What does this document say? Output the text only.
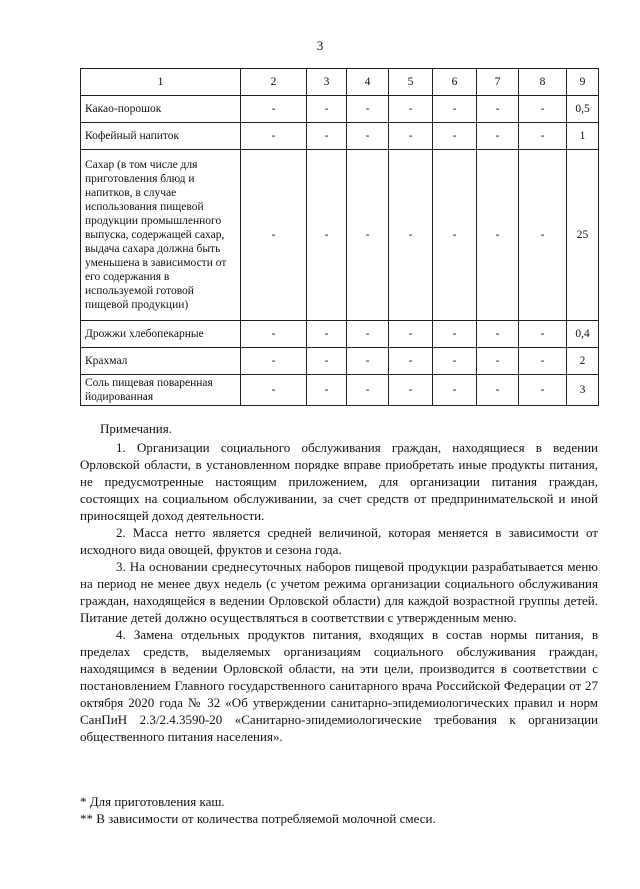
3
1	2	3	4	5	6	7	8	9
Какао-порошок	-	-	-	-	-	-	-	0,5
Кофейный напиток	-	-	-	-	-	-	-	1
Сахар (в том числе для приготовления блюд и напитков, в случае использования пищевой продукции промышленного выпуска, содержащей сахар, выдача сахара должна быть уменьшена в зависимости от его содержания в используемой готовой пищевой продукции)	-	-	-	-	-	-	-	25
Дрожжи хлебопекарные	-	-	-	-	-	-	-	0,4
Крахмал	-	-	-	-	-	-	-	2
Соль пищевая поваренная йодированная	-	-	-	-	-	-	-	3

Примечания.

1. Организации социального обслуживания граждан, находящиеся в ведении Орловской области, в установленном порядке вправе приобретать иные продукты питания, не предусмотренные настоящим приложением, для организации питания граждан, состоящих на социальном обслуживании, за счет средств от предпринимательской и иной приносящей доход деятельности.

2. Масса нетто является средней величиной, которая меняется в зависимости от исходного вида овощей, фруктов и сезона года.

3. На основании среднесуточных наборов пищевой продукции разрабатывается меню на период не менее двух недель (с учетом режима организации социального обслуживания граждан, находящейся в ведении Орловской области) для каждой возрастной группы детей. Питание детей должно осуществляться в соответствии с утвержденным меню.

4. Замена отдельных продуктов питания, входящих в состав нормы питания, в пределах средств, выделяемых организациям социального обслуживания граждан, находящимся в ведении Орловской области, на эти цели, производится в соответствии с постановлением Главного государственного санитарного врача Российской Федерации от 27 октября 2020 года № 32 «Об утверждении санитарно-эпидемиологических правил и норм СанПиН 2.3/2.4.3590-20 «Санитарно-эпидемиологические требования к организации общественного питания населения».

* Для приготовления каш.

** В зависимости от количества потребляемой молочной смеси.
